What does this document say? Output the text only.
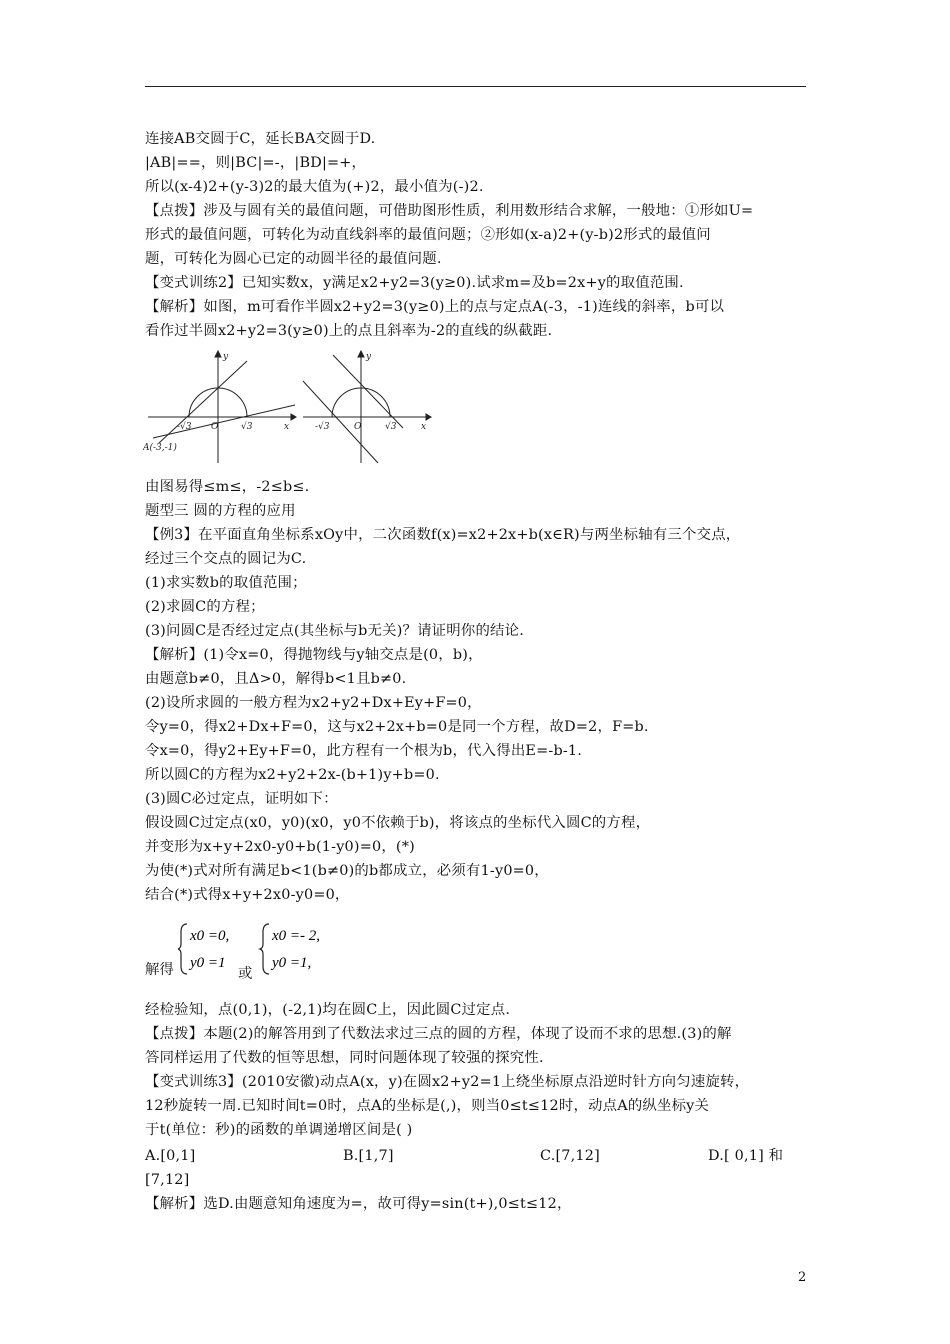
连接AB交圆于C，延长BA交圆于D.
|AB|==，则|BC|=-，|BD|=+，
所以(x-4)2+(y-3)2的最大值为(+)2，最小值为(-)2.
【点拨】涉及与圆有关的最值问题，可借助图形性质，利用数形结合求解，一般地：①形如U=
形式的最值问题，可转化为动直线斜率的最值问题；②形如(x-a)2+(y-b)2形式的最值问
题，可转化为圆心已定的动圆半径的最值问题.
【变式训练2】已知实数x，y满足x2+y2=3(y≥0).试求m=及b=2x+y的取值范围.
【解析】如图，m可看作半圆x2+y2=3(y≥0)上的点与定点A(-3，-1)连线的斜率，b可以
看作过半圆x2+y2=3(y≥0)上的点且斜率为-2的直线的纵截距.
y
x
O
-√3	√3
A(-3,-1)
y
x
O
-√3	√3
由图易得≤m≤，-2≤b≤.
题型三 圆的方程的应用
【例3】在平面直角坐标系xOy中，二次函数f(x)=x2+2x+b(x∈R)与两坐标轴有三个交点，
经过三个交点的圆记为C.
(1)求实数b的取值范围；
(2)求圆C的方程；
(3)问圆C是否经过定点(其坐标与b无关)？请证明你的结论.
【解析】(1)令x=0，得抛物线与y轴交点是(0，b)，
由题意b≠0，且Δ>0，解得b<1且b≠0.
(2)设所求圆的一般方程为x2+y2+Dx+Ey+F=0，
令y=0，得x2+Dx+F=0，这与x2+2x+b=0是同一个方程，故D=2，F=b.
令x=0，得y2+Ey+F=0，此方程有一个根为b，代入得出E=-b-1.
所以圆C的方程为x2+y2+2x-(b+1)y+b=0.
(3)圆C必过定点，证明如下：
假设圆C过定点(x0，y0)(x0，y0不依赖于b)，将该点的坐标代入圆C的方程，
并变形为x+y+2x0-y0+b(1-y0)=0，(*)
为使(*)式对所有满足b<1(b≠0)的b都成立，必须有1-y0=0，
结合(*)式得x+y+2x0-y0=0，
解得
x0 =0,
y0 =1
x0 =- 2,
y0 =1,
或
经检验知，点(0,1)，(-2,1)均在圆C上，因此圆C过定点.
【点拨】本题(2)的解答用到了代数法求过三点的圆的方程，体现了设而不求的思想.(3)的解
答同样运用了代数的恒等思想，同时问题体现了较强的探究性.
【变式训练3】(2010安徽)动点A(x，y)在圆x2+y2=1上绕坐标原点沿逆时针方向匀速旋转，
12秒旋转一周.已知时间t=0时，点A的坐标是(,)，则当0≤t≤12时，动点A的纵坐标y关
于t(单位：秒)的函数的单调递增区间是( )
A.[0,1]	B.[1,7]	C.[7,12]	D.[ 0,1] 和
[7,12]
【解析】选D.由题意知角速度为=，故可得y=sin(t+),0≤t≤12，
2
